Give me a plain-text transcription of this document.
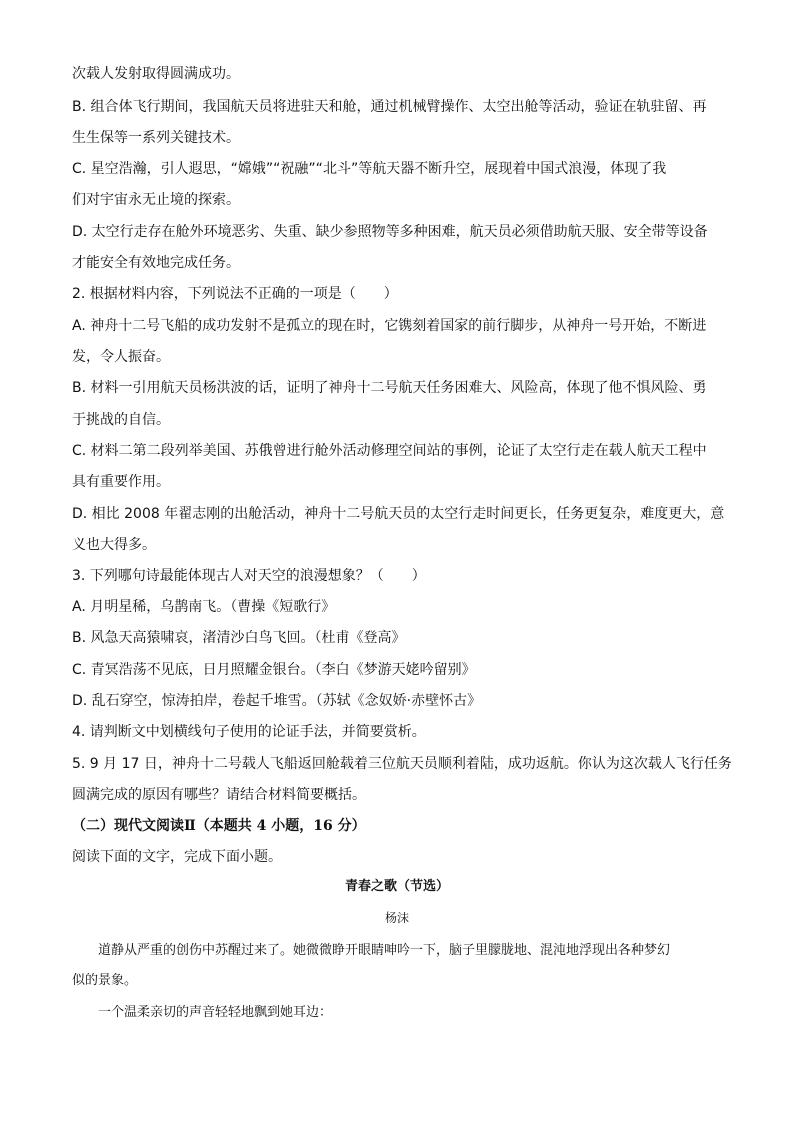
次载人发射取得圆满成功。
B. 组合体飞行期间，我国航天员将进驻天和舱，通过机械臂操作、太空出舱等活动，验证在轨驻留、再
生生保等一系列关键技术。
C. 星空浩瀚，引人遐思，“嫦娥”“祝融”“北斗”等航天器不断升空，展现着中国式浪漫，体现了我
们对宇宙永无止境的探索。
D. 太空行走存在舱外环境恶劣、失重、缺少参照物等多种困难，航天员必须借助航天服、安全带等设备
才能安全有效地完成任务。
2. 根据材料内容，下列说法不正确的一项是（　　）
A. 神舟十二号飞船的成功发射不是孤立的现在时，它镌刻着国家的前行脚步，从神舟一号开始，不断进
发，令人振奋。
B. 材料一引用航天员杨洪波的话，证明了神舟十二号航天任务困难大、风险高，体现了他不惧风险、勇
于挑战的自信。
C. 材料二第二段列举美国、苏俄曾进行舱外活动修理空间站的事例，论证了太空行走在载人航天工程中
具有重要作用。
D. 相比 2008 年翟志刚的出舱活动，神舟十二号航天员的太空行走时间更长，任务更复杂，难度更大，意
义也大得多。
3. 下列哪句诗最能体现古人对天空的浪漫想象？（　　）
A. 月明星稀，乌鹊南飞。（曹操《短歌行》
B. 风急天高猿啸哀，渚清沙白鸟飞回。（杜甫《登高》
C. 青冥浩荡不见底，日月照耀金银台。（李白《梦游天姥吟留别》
D. 乱石穿空，惊涛拍岸，卷起千堆雪。（苏轼《念奴娇·赤壁怀古》
4. 请判断文中划横线句子使用的论证手法，并简要赏析。
5. 9 月 17 日，神舟十二号载人飞船返回舱载着三位航天员顺利着陆，成功返航。你认为这次载人飞行任务
圆满完成的原因有哪些？请结合材料简要概括。
（二）现代文阅读Ⅱ（本题共 4 小题，16 分）
阅读下面的文字，完成下面小题。
青春之歌（节选）
杨沫
道静从严重的创伤中苏醒过来了。她微微睁开眼睛呻吟一下，脑子里朦胧地、混沌地浮现出各种梦幻
似的景象。
一个温柔亲切的声音轻轻地飘到她耳边：
